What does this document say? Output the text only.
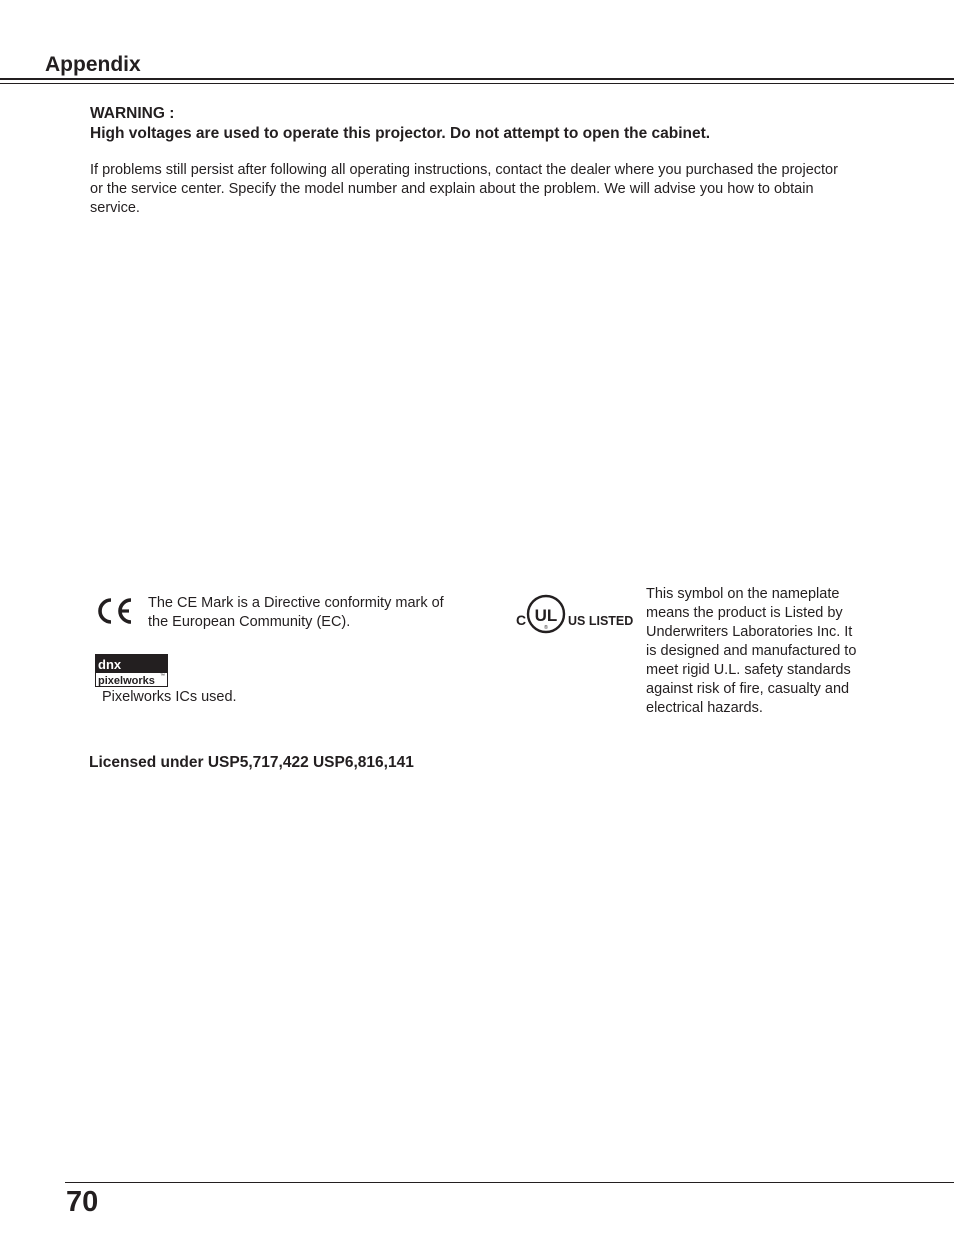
Appendix
WARNING :
High voltages are used to operate this projector. Do not attempt to open the cabinet.
If problems still persist after following all operating instructions, contact the dealer where you purchased the projector or the service center. Specify the model number and explain about the problem. We will advise you how to obtain service.
The CE Mark is a Directive conformity mark of the European Community (EC).
dnx
pixelworks ™
Pixelworks ICs used.
C UL
® US LISTED
This symbol on the nameplate means the product is Listed by Underwriters Laboratories Inc. It is designed and manufactured to meet rigid U.L. safety standards against risk of fire, casualty and electrical hazards.
Licensed under USP5,717,422 USP6,816,141
70
